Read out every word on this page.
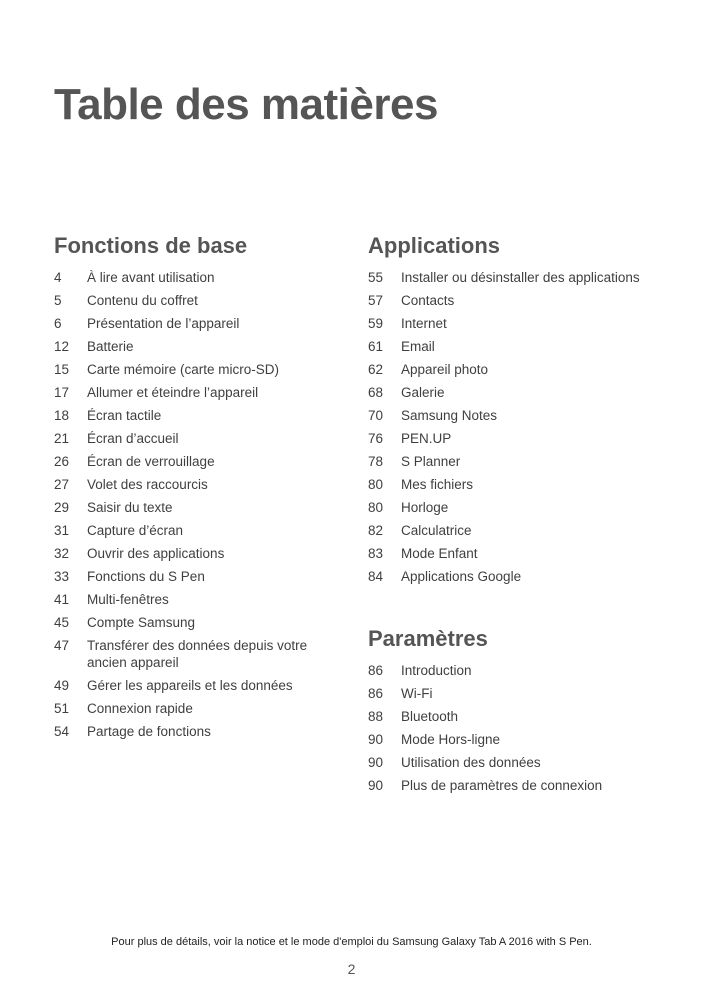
Table des matières
Fonctions de base
4	À lire avant utilisation
5	Contenu du coffret
6	Présentation de l’appareil
12	Batterie
15	Carte mémoire (carte micro-SD)
17	Allumer et éteindre l’appareil
18	Écran tactile
21	Écran d’accueil
26	Écran de verrouillage
27	Volet des raccourcis
29	Saisir du texte
31	Capture d’écran
32	Ouvrir des applications
33	Fonctions du S Pen
41	Multi-fenêtres
45	Compte Samsung
47	Transférer des données depuis votre ancien appareil
49	Gérer les appareils et les données
51	Connexion rapide
54	Partage de fonctions
Applications
55	Installer ou désinstaller des applications
57	Contacts
59	Internet
61	Email
62	Appareil photo
68	Galerie
70	Samsung Notes
76	PEN.UP
78	S Planner
80	Mes fichiers
80	Horloge
82	Calculatrice
83	Mode Enfant
84	Applications Google
Paramètres
86	Introduction
86	Wi-Fi
88	Bluetooth
90	Mode Hors-ligne
90	Utilisation des données
90	Plus de paramètres de connexion
Pour plus de détails, voir la notice et le mode d'emploi du Samsung Galaxy Tab A 2016 with S Pen.
2
